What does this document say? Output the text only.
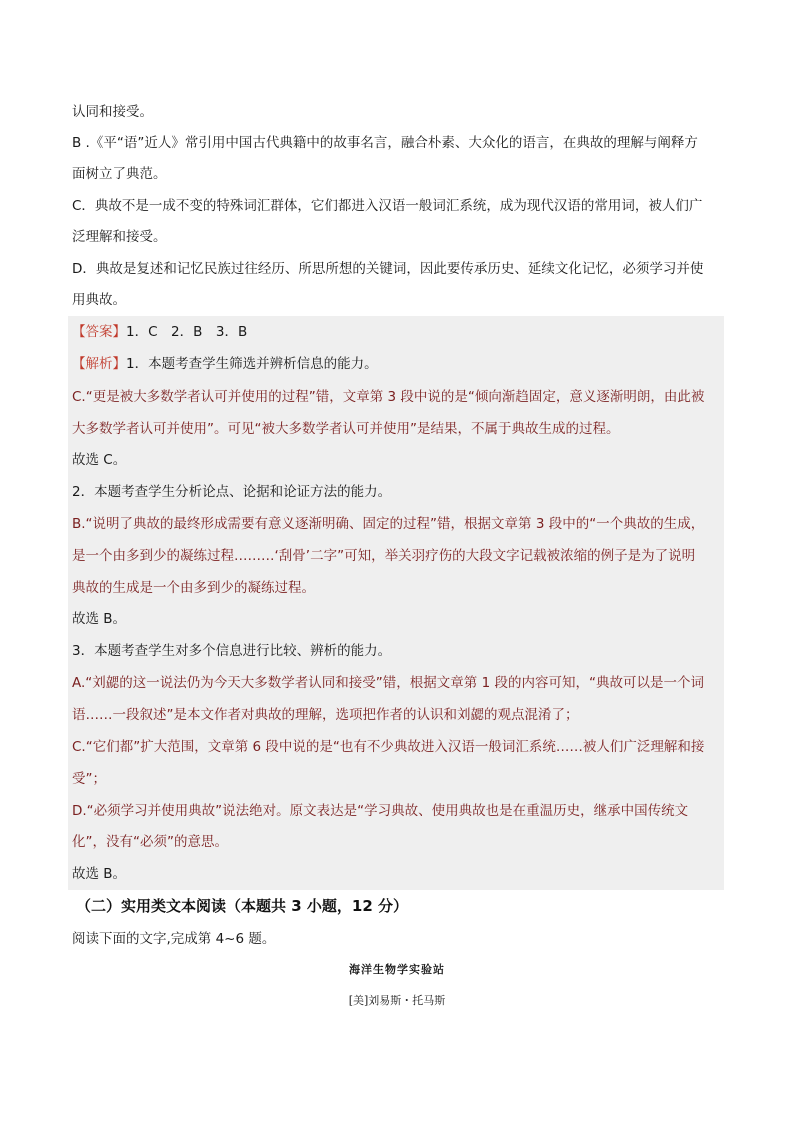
认同和接受。
B .《平“语”近人》常引用中国古代典籍中的故事名言，融合朴素、大众化的语言，在典故的理解与阐释方
面树立了典范。
C．典故不是一成不变的特殊词汇群体，它们都进入汉语一般词汇系统，成为现代汉语的常用词，被人们广
泛理解和接受。
D．典故是复述和记忆民族过往经历、所思所想的关键词，因此要传承历史、延续文化记忆，必须学习并使
用典故。
【答案】1．C　2．B　3．B
【解析】1．本题考查学生筛选并辨析信息的能力。
C.“更是被大多数学者认可并使用的过程”错，文章第 3 段中说的是“倾向渐趋固定，意义逐渐明朗，由此被
大多数学者认可并使用”。可见“被大多数学者认可并使用”是结果，不属于典故生成的过程。
故选 C。
2．本题考查学生分析论点、论据和论证方法的能力。
B.“说明了典故的最终形成需要有意义逐渐明确、固定的过程”错，根据文章第 3 段中的“一个典故的生成，
是一个由多到少的凝练过程………‘刮骨’二字”可知，举关羽疗伤的大段文字记载被浓缩的例子是为了说明
典故的生成是一个由多到少的凝练过程。
故选 B。
3．本题考查学生对多个信息进行比较、辨析的能力。
A.“刘勰的这一说法仍为今天大多数学者认同和接受”错，根据文章第 1 段的内容可知，“典故可以是一个词
语……一段叙述”是本文作者对典故的理解，选项把作者的认识和刘勰的观点混淆了；
C.“它们都”扩大范围，文章第 6 段中说的是“也有不少典故进入汉语一般词汇系统……被人们广泛理解和接
受”；
D.“必须学习并使用典故”说法绝对。原文表达是“学习典故、使用典故也是在重温历史，继承中国传统文
化”，没有“必须”的意思。
故选 B。
（二）实用类文本阅读（本题共 3 小题，12 分）
阅读下面的文字,完成第 4~6 题。
海洋生物学实验站
[美]刘易斯・托马斯
